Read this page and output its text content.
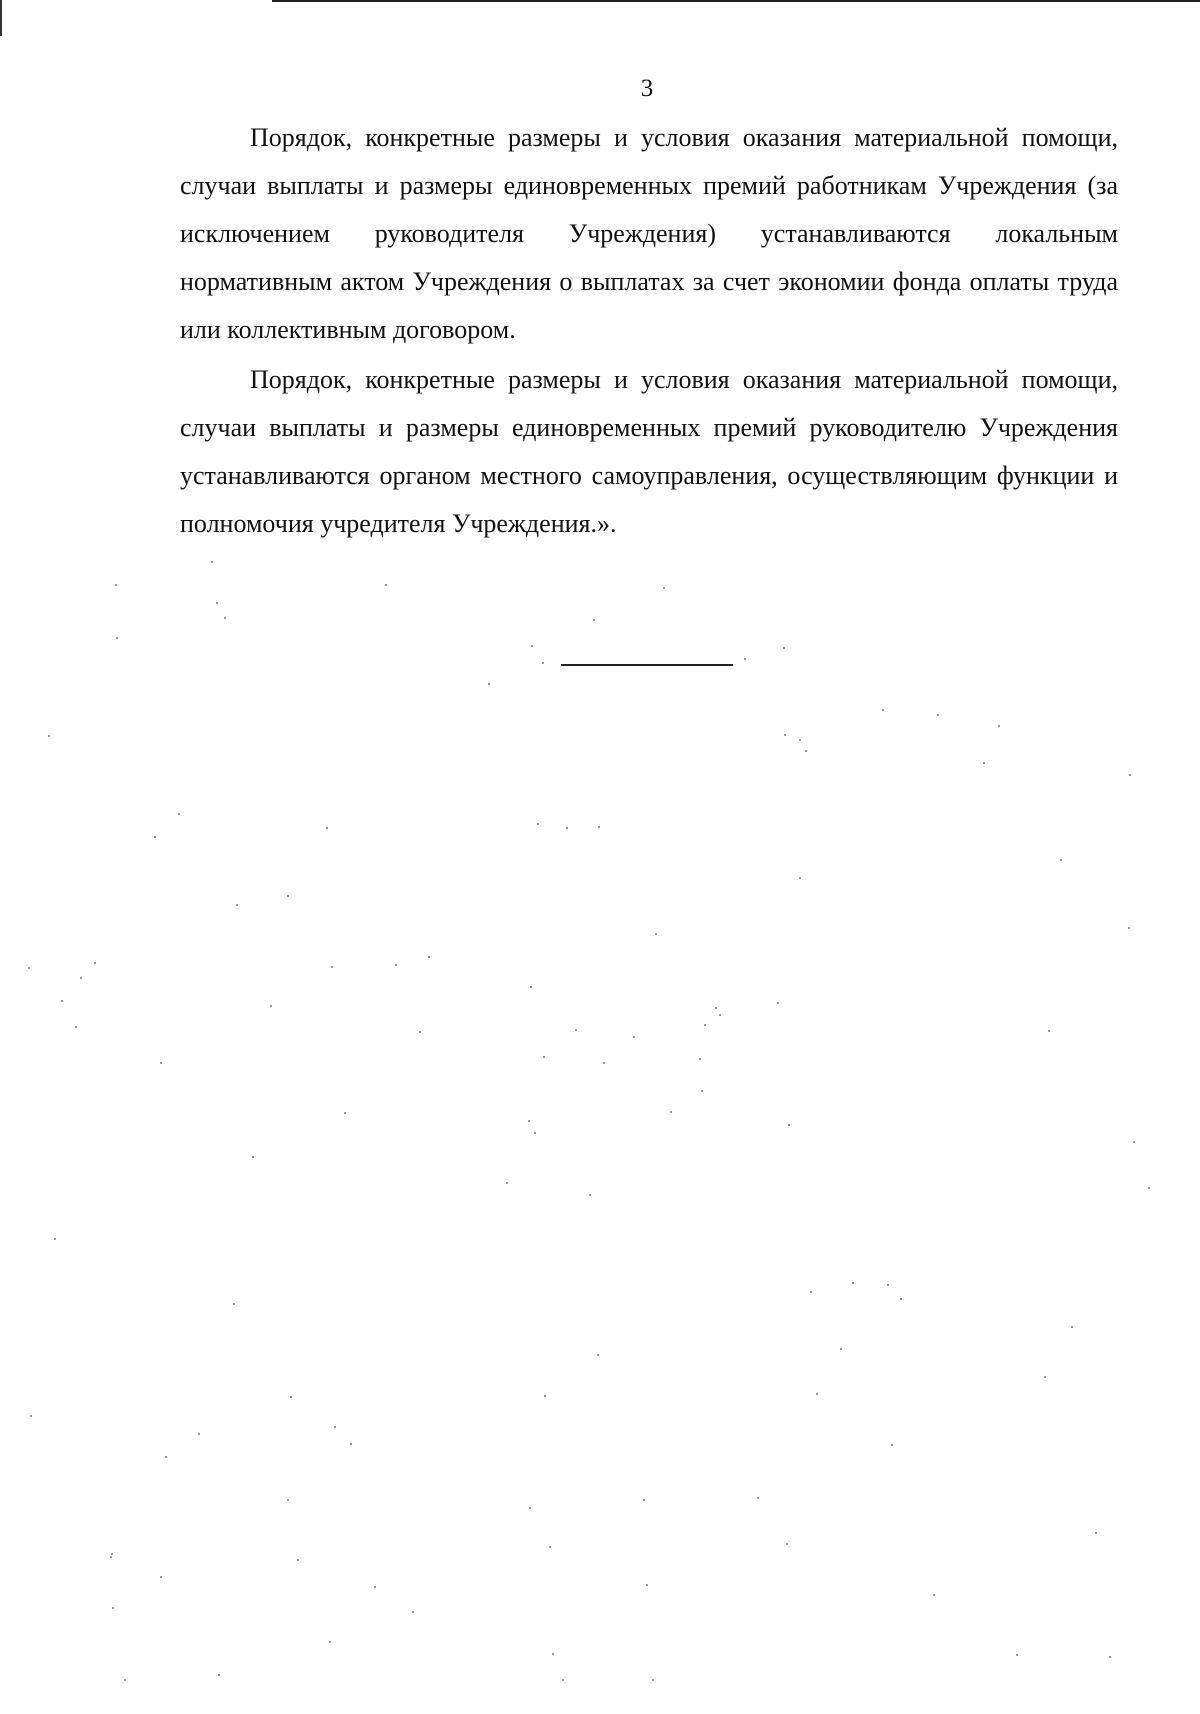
3

Порядок, конкретные размеры и условия оказания материальной помощи, случаи выплаты и размеры единовременных премий работникам Учреждения (за исключением руководителя Учреждения) устанавливаются локальным нормативным актом Учреждения о выплатах за счет экономии фонда оплаты труда или коллективным договором.

Порядок, конкретные размеры и условия оказания материальной помощи, случаи выплаты и размеры единовременных премий руководителю Учреждения устанавливаются органом местного самоуправления, осуществляющим функции и полномочия учредителя Учреждения.».
